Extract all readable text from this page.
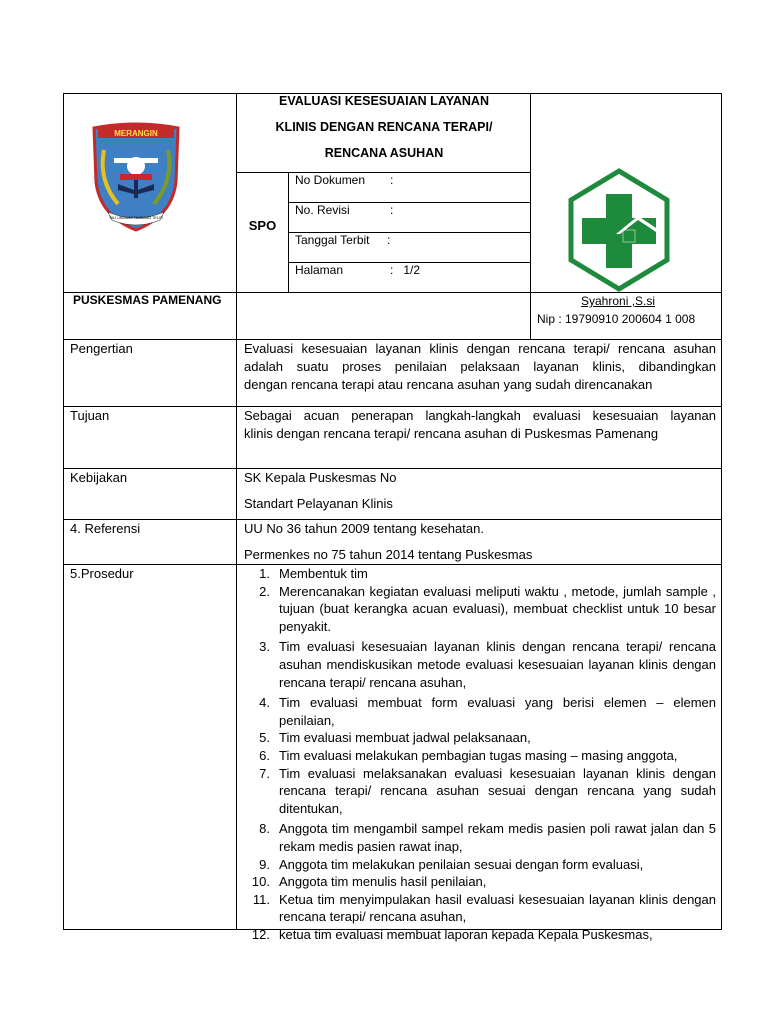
MERANGIN
TALI UNDANG TAMBANG TELITI
EVALUASI KESESUAIAN LAYANAN
KLINIS DENGAN RENCANA TERAPI/
RENCANA ASUHAN
SPO
No Dokumen :
No. Revisi	:
Tanggal Terbit :
Halaman	:   1/2
PUSKESMAS PAMENANG	Syahroni ,S.si
Nip : 19790910 200604 1 008
Pengertian	Evaluasi kesesuaian layanan klinis dengan rencana terapi/ rencana asuhan
adalah suatu proses penilaian pelaksaan layanan klinis, dibandingkan
dengan rencana terapi atau rencana asuhan yang sudah direncanakan
Tujuan	Sebagai acuan penerapan langkah-langkah evaluasi kesesuaian layanan
klinis dengan rencana terapi/ rencana asuhan di Puskesmas Pamenang
Kebijakan	SK Kepala Puskesmas No
Standart Pelayanan Klinis
4. Referensi	UU No 36 tahun 2009 tentang kesehatan.
Permenkes no 75 tahun 2014 tentang Puskesmas
5.Prosedur	1. Membentuk tim
2. Merencanakan kegiatan evaluasi meliputi waktu , metode, jumlah sample , tujuan (buat kerangka acuan evaluasi), membuat checklist untuk 10 besar penyakit.
3. Tim evaluasi kesesuaian layanan klinis dengan rencana terapi/ rencana asuhan mendiskusikan metode evaluasi kesesuaian layanan klinis dengan rencana terapi/ rencana asuhan,
4. Tim evaluasi membuat form evaluasi yang berisi elemen – elemen penilaian,
5. Tim evaluasi membuat jadwal pelaksanaan,
6. Tim evaluasi melakukan pembagian tugas masing – masing anggota,
7. Tim evaluasi melaksanakan evaluasi kesesuaian layanan klinis dengan rencana terapi/ rencana asuhan sesuai dengan rencana yang sudah ditentukan,
8. Anggota tim mengambil sampel rekam medis pasien poli rawat jalan dan 5 rekam medis pasien rawat inap,
9. Anggota tim melakukan penilaian sesuai dengan form evaluasi,
10. Anggota tim menulis hasil penilaian,
11. Ketua tim menyimpulakan hasil evaluasi kesesuaian layanan klinis dengan rencana terapi/ rencana asuhan,
12. ketua tim evaluasi membuat laporan kepada Kepala Puskesmas,
